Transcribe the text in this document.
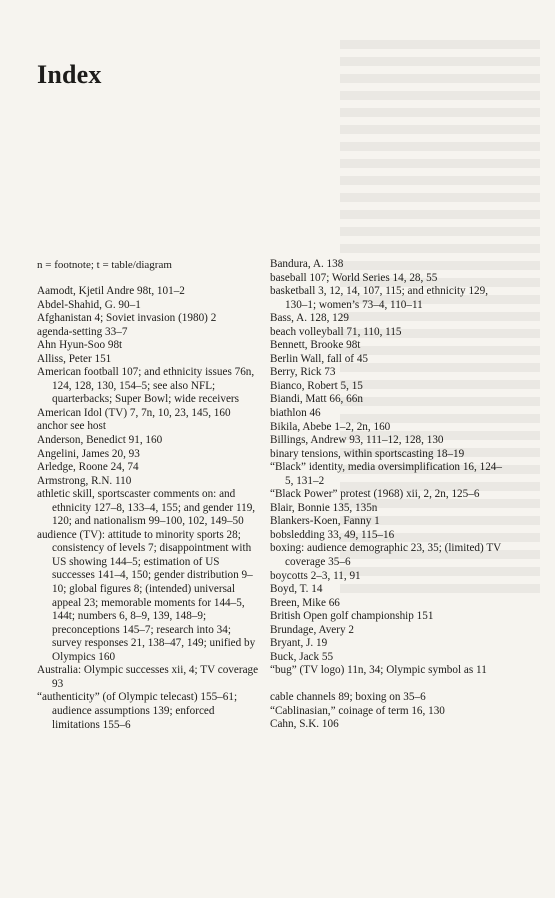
Index
n = footnote; t = table/diagram
Aamodt, Kjetil Andre 98t, 101–2
Abdel-Shahid, G. 90–1
Afghanistan 4; Soviet invasion (1980) 2
agenda-setting 33–7
Ahn Hyun-Soo 98t
Alliss, Peter 151
American football 107; and ethnicity issues 76n, 124, 128, 130, 154–5; see also NFL; quarterbacks; Super Bowl; wide receivers
American Idol (TV) 7, 7n, 10, 23, 145, 160
anchor see host
Anderson, Benedict 91, 160
Angelini, James 20, 93
Arledge, Roone 24, 74
Armstrong, R.N. 110
athletic skill, sportscaster comments on: and ethnicity 127–8, 133–4, 155; and gender 119, 120; and nationalism 99–100, 102, 149–50
audience (TV): attitude to minority sports 28; consistency of levels 7; disappointment with US showing 144–5; estimation of US successes 141–4, 150; gender distribution 9–10; global figures 8; (intended) universal appeal 23; memorable moments for 144–5, 144t; numbers 6, 8–9, 139, 148–9; preconceptions 145–7; research into 34; survey responses 21, 138–47, 149; unified by Olympics 160
Australia: Olympic successes xii, 4; TV coverage 93
“authenticity” (of Olympic telecast) 155–61; audience assumptions 139; enforced limitations 155–6
Bandura, A. 138
baseball 107; World Series 14, 28, 55
basketball 3, 12, 14, 107, 115; and ethnicity 129, 130–1; women’s 73–4, 110–11
Bass, A. 128, 129
beach volleyball 71, 110, 115
Bennett, Brooke 98t
Berlin Wall, fall of 45
Berry, Rick 73
Bianco, Robert 5, 15
Biandi, Matt 66, 66n
biathlon 46
Bikila, Abebe 1–2, 2n, 160
Billings, Andrew 93, 111–12, 128, 130
binary tensions, within sportscasting 18–19
“Black” identity, media oversimplification 16, 124–5, 131–2
“Black Power” protest (1968) xii, 2, 2n, 125–6
Blair, Bonnie 135, 135n
Blankers-Koen, Fanny 1
bobsledding 33, 49, 115–16
boxing: audience demographic 23, 35; (limited) TV coverage 35–6
boycotts 2–3, 11, 91
Boyd, T. 14
Breen, Mike 66
British Open golf championship 151
Brundage, Avery 2
Bryant, J. 19
Buck, Jack 55
“bug” (TV logo) 11n, 34; Olympic symbol as 11
cable channels 89; boxing on 35–6
“Cablinasian,” coinage of term 16, 130
Cahn, S.K. 106
